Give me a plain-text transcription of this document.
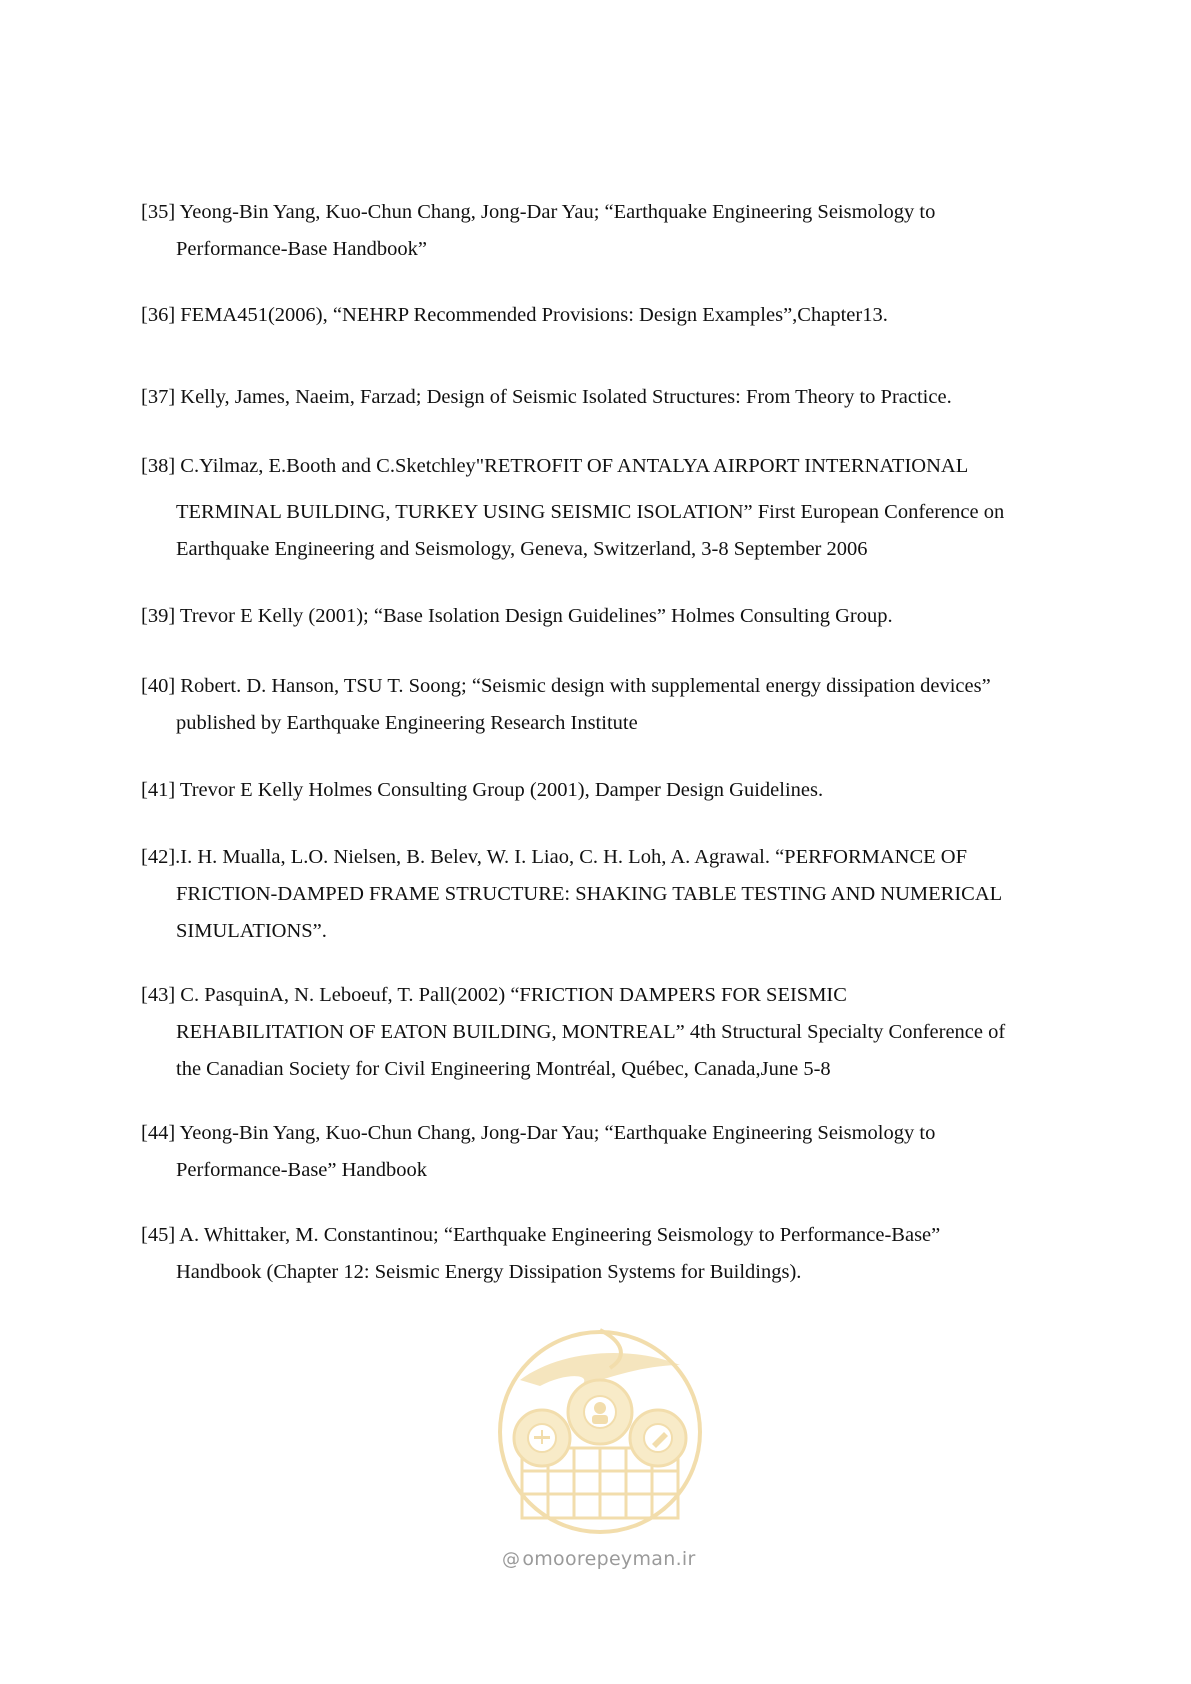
[35] Yeong-Bin Yang, Kuo-Chun Chang, Jong-Dar Yau; “Earthquake Engineering Seismology to
Performance-Base Handbook”
[36] FEMA451(2006), “NEHRP Recommended Provisions: Design Examples”,Chapter13.
[37] Kelly, James, Naeim, Farzad; Design of Seismic Isolated Structures: From Theory to Practice.
[38] C.Yilmaz, E.Booth and C.Sketchley"RETROFIT OF ANTALYA AIRPORT INTERNATIONAL
TERMINAL BUILDING, TURKEY USING SEISMIC ISOLATION” First European Conference on
Earthquake Engineering and Seismology, Geneva, Switzerland, 3-8 September 2006
[39] Trevor E Kelly (2001); “Base Isolation Design Guidelines” Holmes Consulting Group.
[40] Robert. D. Hanson, TSU T. Soong; “Seismic design with supplemental energy dissipation devices”
published by Earthquake Engineering Research Institute
[41] Trevor E Kelly Holmes Consulting Group (2001), Damper Design Guidelines.
[42].I. H. Mualla, L.O. Nielsen, B. Belev, W. I. Liao, C. H. Loh, A. Agrawal. “PERFORMANCE OF
FRICTION-DAMPED FRAME STRUCTURE: SHAKING TABLE TESTING AND NUMERICAL
SIMULATIONS”.
[43] C. PasquinA, N. Leboeuf, T. Pall(2002) “FRICTION DAMPERS FOR SEISMIC
REHABILITATION OF EATON BUILDING, MONTREAL” 4th Structural Specialty Conference of
the Canadian Society for Civil Engineering Montréal, Québec, Canada,June 5-8
[44] Yeong-Bin Yang, Kuo-Chun Chang, Jong-Dar Yau; “Earthquake Engineering Seismology to
Performance-Base” Handbook
[45] A. Whittaker, M. Constantinou; “Earthquake Engineering Seismology to Performance-Base”
Handbook (Chapter 12: Seismic Energy Dissipation Systems for Buildings).
@ omoorepeyman.ir
